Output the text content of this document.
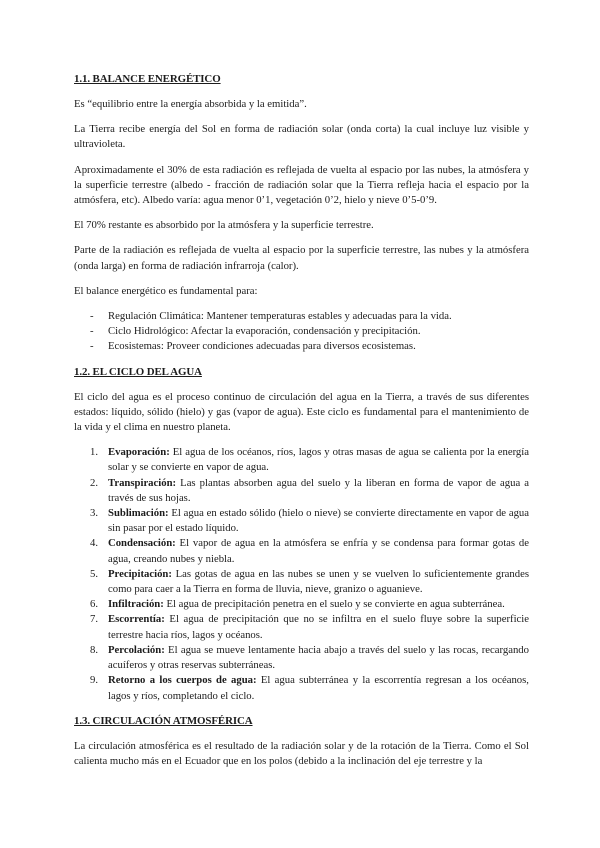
1.1. BALANCE ENERGÉTICO

Es “equilibrio entre la energía absorbida y la emitida”.

La Tierra recibe energía del Sol en forma de radiación solar (onda corta) la cual incluye luz visible y ultravioleta.

Aproximadamente el 30% de esta radiación es reflejada de vuelta al espacio por las nubes, la atmósfera y la superficie terrestre (albedo - fracción de radiación solar que la Tierra refleja hacia el espacio por la atmósfera, etc). Albedo varía: agua menor 0’1, vegetación 0’2, hielo y nieve 0’5-0’9.

El 70% restante es absorbido por la atmósfera y la superficie terrestre.

Parte de la radiación es reflejada de vuelta al espacio por la superficie terrestre, las nubes y la atmósfera (onda larga) en forma de radiación infrarroja (calor).

El balance energético es fundamental para:

- Regulación Climática: Mantener temperaturas estables y adecuadas para la vida.
- Ciclo Hidrológico: Afectar la evaporación, condensación y precipitación.
- Ecosistemas: Proveer condiciones adecuadas para diversos ecosistemas.
1.2. EL CICLO DEL AGUA

El ciclo del agua es el proceso continuo de circulación del agua en la Tierra, a través de sus diferentes estados: líquido, sólido (hielo) y gas (vapor de agua). Este ciclo es fundamental para el mantenimiento de la vida y el clima en nuestro planeta.

1. Evaporación: El agua de los océanos, ríos, lagos y otras masas de agua se calienta por la energía solar y se convierte en vapor de agua.
2. Transpiración: Las plantas absorben agua del suelo y la liberan en forma de vapor de agua a través de sus hojas.
3. Sublimación: El agua en estado sólido (hielo o nieve) se convierte directamente en vapor de agua sin pasar por el estado líquido.
4. Condensación: El vapor de agua en la atmósfera se enfría y se condensa para formar gotas de agua, creando nubes y niebla.
5. Precipitación: Las gotas de agua en las nubes se unen y se vuelven lo suficientemente grandes como para caer a la Tierra en forma de lluvia, nieve, granizo o aguanieve.
6. Infiltración: El agua de precipitación penetra en el suelo y se convierte en agua subterránea.
7. Escorrentía: El agua de precipitación que no se infiltra en el suelo fluye sobre la superficie terrestre hacia ríos, lagos y océanos.
8. Percolación: El agua se mueve lentamente hacia abajo a través del suelo y las rocas, recargando acuíferos y otras reservas subterráneas.
9. Retorno a los cuerpos de agua: El agua subterránea y la escorrentía regresan a los océanos, lagos y ríos, completando el ciclo.
1.3. CIRCULACIÓN ATMOSFÉRICA

La circulación atmosférica es el resultado de la radiación solar y de la rotación de la Tierra. Como el Sol calienta mucho más en el Ecuador que en los polos (debido a la inclinación del eje terrestre y la
